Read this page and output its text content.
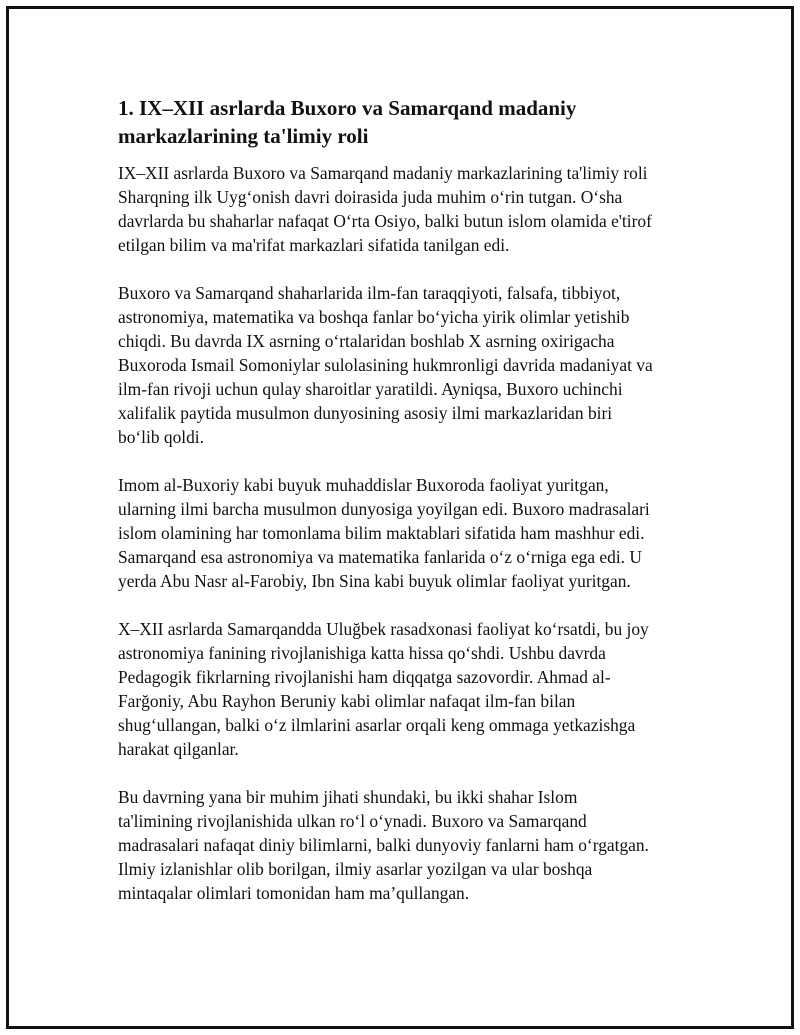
1. IX–XII asrlarda Buxoro va Samarqand madaniy
markazlarining ta'limiy roli
IX–XII asrlarda Buxoro va Samarqand madaniy markazlarining ta'limiy roli
Sharqning ilk Uygʻonish davri doirasida juda muhim oʻrin tutgan. Oʻsha
davrlarda bu shaharlar nafaqat Oʻrta Osiyo, balki butun islom olamida e'tirof
etilgan bilim va ma'rifat markazlari sifatida tanilgan edi.
Buxoro va Samarqand shaharlarida ilm-fan taraqqiyoti, falsafa, tibbiyot,
astronomiya, matematika va boshqa fanlar boʻyicha yirik olimlar yetishib
chiqdi. Bu davrda IX asrning oʻrtalaridan boshlab X asrning oxirigacha
Buxoroda Ismail Somoniylar sulolasining hukmronligi davrida madaniyat va
ilm-fan rivoji uchun qulay sharoitlar yaratildi. Ayniqsa, Buxoro uchinchi
xalifalik paytida musulmon dunyosining asosiy ilmi markazlaridan biri
boʻlib qoldi.
Imom al-Buxoriy kabi buyuk muhaddislar Buxoroda faoliyat yuritgan,
ularning ilmi barcha musulmon dunyosiga yoyilgan edi. Buxoro madrasalari
islom olamining har tomonlama bilim maktablari sifatida ham mashhur edi.
Samarqand esa astronomiya va matematika fanlarida oʻz oʻrniga ega edi. U
yerda Abu Nasr al-Farobiy, Ibn Sina kabi buyuk olimlar faoliyat yuritgan.
X–XII asrlarda Samarqandda Uluğbek rasadxonasi faoliyat koʻrsatdi, bu joy
astronomiya fanining rivojlanishiga katta hissa qoʻshdi. Ushbu davrda
Pedagogik fikrlarning rivojlanishi ham diqqatga sazovordir. Ahmad al-
Farğoniy, Abu Rayhon Beruniy kabi olimlar nafaqat ilm-fan bilan
shugʻullangan, balki oʻz ilmlarini asarlar orqali keng ommaga yetkazishga
harakat qilganlar.
Bu davrning yana bir muhim jihati shundaki, bu ikki shahar Islom
ta'limining rivojlanishida ulkan roʻl oʻynadi. Buxoro va Samarqand
madrasalari nafaqat diniy bilimlarni, balki dunyoviy fanlarni ham oʻrgatgan.
Ilmiy izlanishlar olib borilgan, ilmiy asarlar yozilgan va ular boshqa
mintaqalar olimlari tomonidan ham maʼqullangan.
